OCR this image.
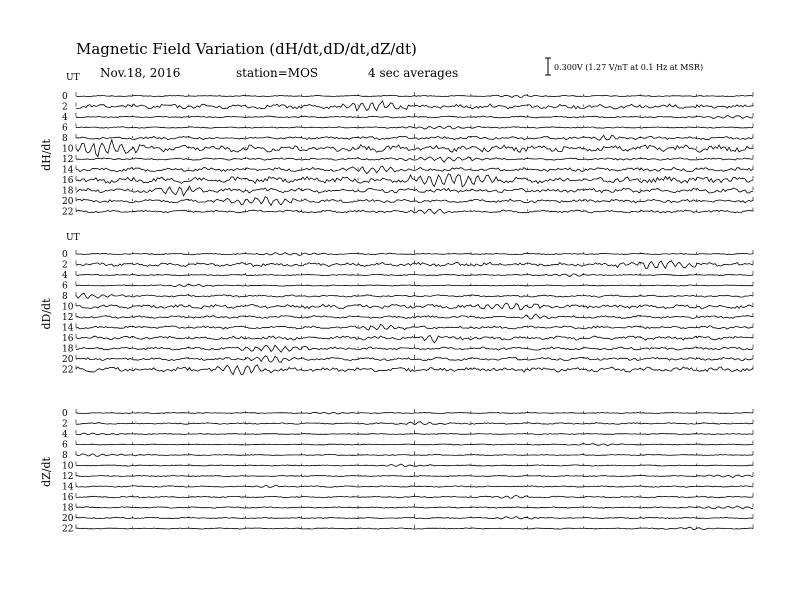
Magnetic Field Variation (dH/dt,dD/dt,dZ/dt)
Nov.18, 2016	station=MOS	4 sec averages	0.300V (1.27 V/nT at 0.1 Hz at MSR)
UT
dH/dt
0
2
4
6
8
10
12
14
16
18
20
22
UT
dD/dt
0
2
4
6
8
10
12
14
16
18
20
22
dZ/dt
0
2
4
6
8
10
12
14
16
18
20
22
